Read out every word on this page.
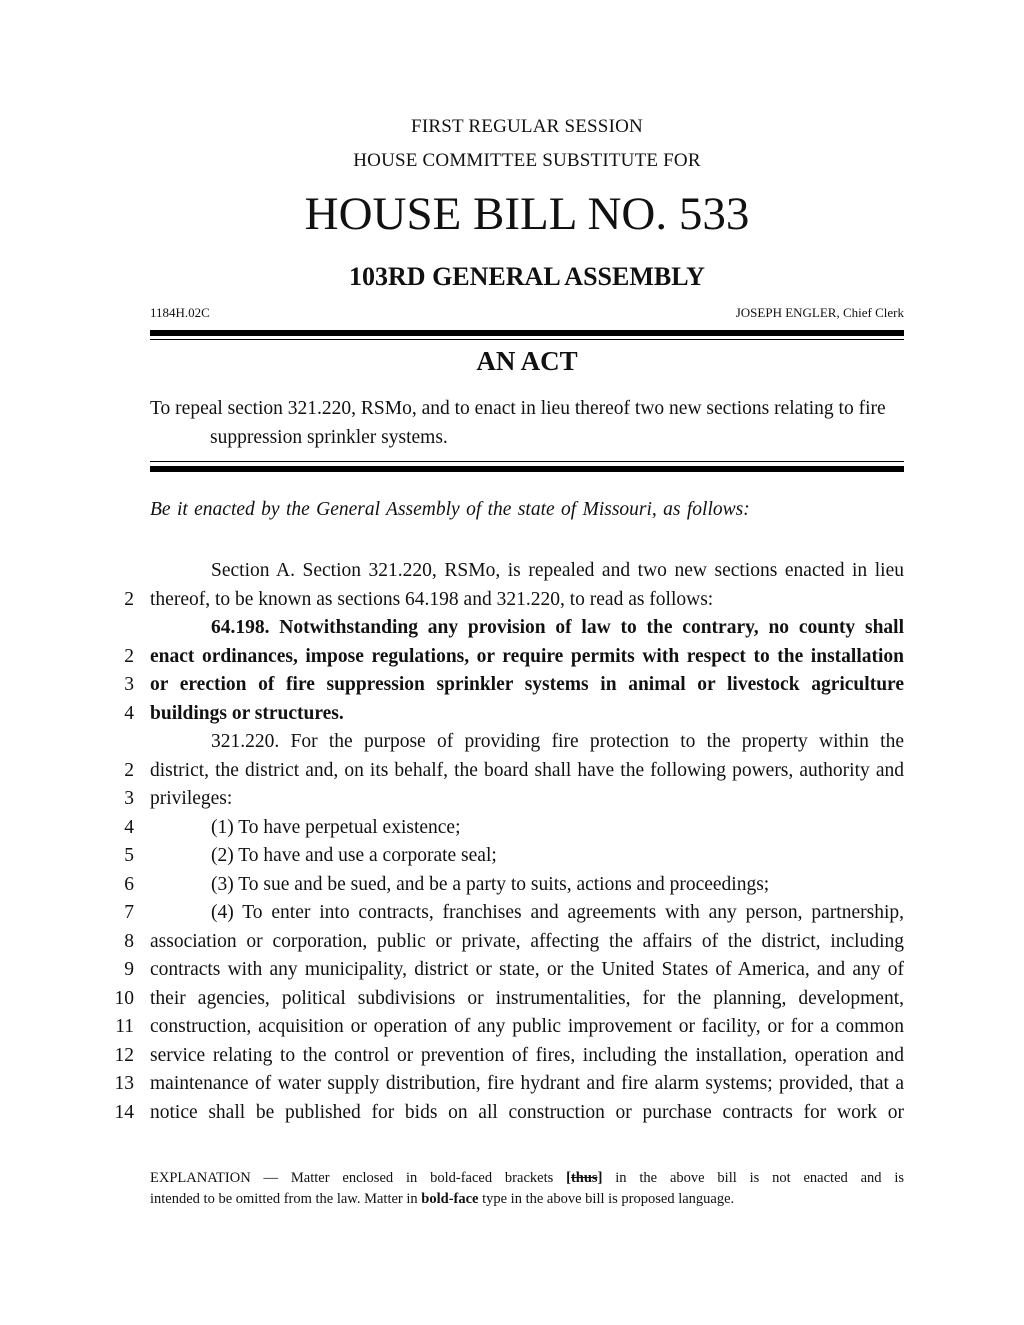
FIRST REGULAR SESSION
HOUSE COMMITTEE SUBSTITUTE FOR
HOUSE BILL NO. 533
103RD GENERAL ASSEMBLY
1184H.02C	JOSEPH ENGLER, Chief Clerk
AN ACT
To repeal section 321.220, RSMo, and to enact in lieu thereof two new sections relating to fire
suppression sprinkler systems.
Be it enacted by the General Assembly of the state of Missouri, as follows:
Section A. Section 321.220, RSMo, is repealed and two new sections enacted in lieu
2 thereof, to be known as sections 64.198 and 321.220, to read as follows:
64.198. Notwithstanding any provision of law to the contrary, no county shall
2 enact ordinances, impose regulations, or require permits with respect to the installation
3 or erection of fire suppression sprinkler systems in animal or livestock agriculture
4 buildings or structures.
321.220. For the purpose of providing fire protection to the property within the
2 district, the district and, on its behalf, the board shall have the following powers, authority and
3 privileges:
4	(1) To have perpetual existence;
5	(2) To have and use a corporate seal;
6	(3) To sue and be sued, and be a party to suits, actions and proceedings;
7	(4) To enter into contracts, franchises and agreements with any person, partnership,
8 association or corporation, public or private, affecting the affairs of the district, including
9 contracts with any municipality, district or state, or the United States of America, and any of
10 their agencies, political subdivisions or instrumentalities, for the planning, development,
11 construction, acquisition or operation of any public improvement or facility, or for a common
12 service relating to the control or prevention of fires, including the installation, operation and
13 maintenance of water supply distribution, fire hydrant and fire alarm systems; provided, that a
14 notice shall be published for bids on all construction or purchase contracts for work or
EXPLANATION — Matter enclosed in bold-faced brackets [thus] in the above bill is not enacted and is
intended to be omitted from the law. Matter in bold-face type in the above bill is proposed language.
